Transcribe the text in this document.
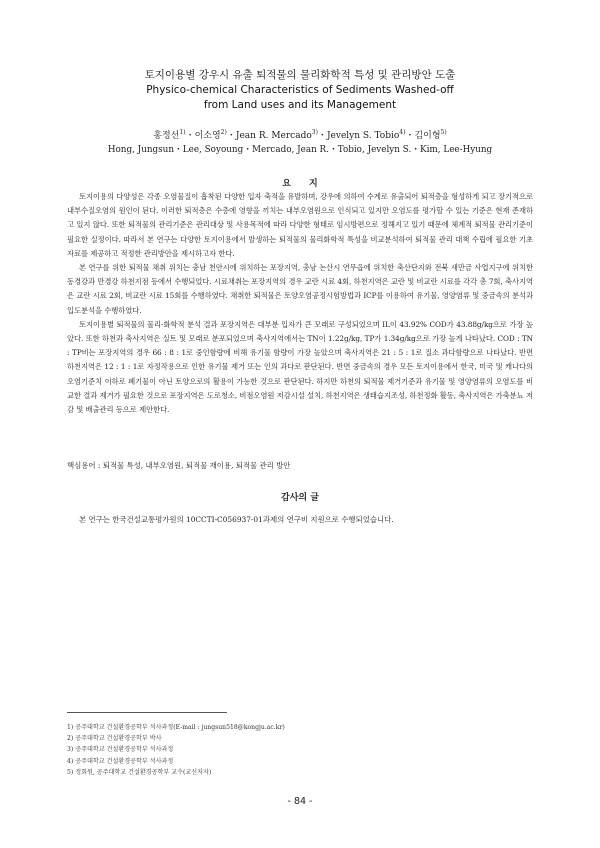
토지이용별 강우시 유출 퇴적물의 물리화학적 특성 및 관리방안 도출
Physico-chemical Characteristics of Sediments Washed-off
from Land uses and its Management
홍정선$^{1)}$・이소영$^{2)}$・Jean R. Mercado$^{3)}$・Jevelyn S. Tobio$^{4)}$・김이형$^{5)}$
Hong, Jungsun・Lee, Soyoung・Mercado, Jean R.・Tobio, Jevelyn S.・Kim, Lee-Hyung
요　　지

토지이용의 다양성은 각종 오염물질이 흡착된 다양한 입자 축적을 유발하며, 강우에 의하여 수계로 유출되어 퇴적층을 형성하게 되고 장기적으로 내부수질오염의 원인이 된다. 이러한 퇴적층은 수층에 영향을 끼치는 내부오염원으로 인식되고 있지만 오염도를 평가할 수 있는 기준은 현재 존재하고 있지 않다. 또한 퇴적물의 관리기준은 관리대상 및 사용목적에 따라 다양한 형태로 임시방편으로 정해지고 있기 때문에 체계적 퇴적물 관리기준이 필요한 실정이다. 따라서 본 연구는 다양한 토지이용에서 발생하는 퇴적물의 물리화학적 특성을 비교분석하여 퇴적물 관리 대책 수립에 필요한 기초자료를 제공하고 적정한 관리방안을 제시하고자 한다.

본 연구를 위한 퇴적물 채취 위치는 충남 천안시에 위치하는 포장지역, 충남 논산시 연무읍에 위치한 축산단지와 전북 새만금 사업지구에 위치한 동경강과 만경강 하천지점 등에서 수행되었다. 시료채취는 포장지역의 경우 교란 시료 4회, 하천지역은 교란 및 비교란 시료를 각각 총 7회, 축사지역은 교란 시료 2회, 비교란 시료 15회를 수행하였다. 채취한 퇴적물은 토양오염공정시험방법과 ICP를 이용하여 유기물, 영양염류 및 중금속의 분석과 입도분석을 수행하였다.

토지이용별 퇴적물의 물리-화학적 분석 결과 포장지역은 대부분 입자가 큰 모래로 구성되었으며 IL이 43.92% COD가 43.88g/kg으로 가장 높았다. 또한 하천과 축사지역은 실트 및 모래로 분포되었으며 축사지역에서는 TN이 1.22g/kg, TP가 1.34g/kg으로 가장 높게 나타났다. COD : TN : TP비는 포장지역의 경우 66 : 8 : 1로 중인함량에 비해 유기물 함량이 가장 높았으며 축사지역은 21 : 5 : 1로 질소 과다함량으로 나타났다. 반면 하천지역은 12 : 1 : 1로 자정작용으로 인한 유기물 제거 또는 인의 과다로 판단된다. 반면 중금속의 경우 모든 토지이용에서 한국, 미국 및 캐나다의 오염기준치 이하로 폐기물이 아닌 토양으로의 활용이 가능한 것으로 판단된다. 하지만 하천의 퇴적물 제거기준과 유기물 및 영양염류의 오염도를 비교한 결과 제거가 필요한 것으로 포장지역은 도로청소, 비점오염원 저감시설 설치, 하천지역은 생태습지조성, 하천정화 활동, 축사지역은 가축분뇨 저감 및 배출관리 등으로 제안한다.

핵심용어 : 퇴적물 특성, 내부오염원, 퇴적물 재이용, 퇴적물 관리 방안
감사의 글
본 연구는 한국건설교통평가원의 10CCTI-C056937-01과제의 연구비 지원으로 수행되었습니다.
1) 공주대학교 건설환경공학부 석사과정(E-mail : jungsun518@kongju.ac.kr)
2) 공주대학교 건설환경공학부 박사
3) 공주대학교 건설환경공학부 석사과정
4) 공주대학교 건설환경공학부 석사과정
5) 정회원, 공주대학교 건설환경공학부 교수(교신저자)
- 84 -
